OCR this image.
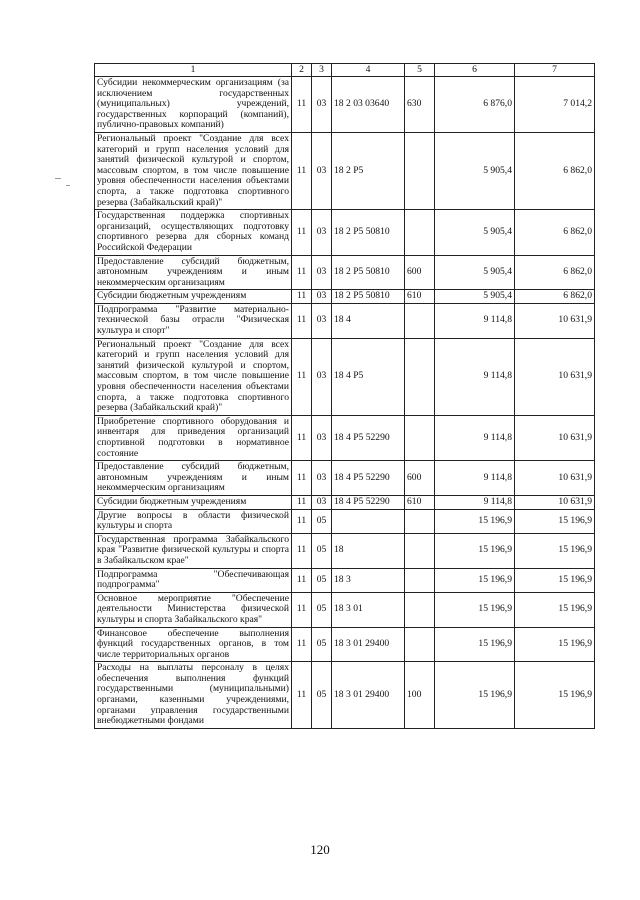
1	2	3	4	5	6	7
Субсидии некоммерческим организациям (за исключением государственных (муниципальных) учреждений, государственных корпораций (компаний), публично-правовых компаний)	11	03	18 2 03 03640	630	6 876,0	7 014,2
Региональный проект "Создание для всех категорий и групп населения условий для занятий физической культурой и спортом, массовым спортом, в том числе повышение уровня обеспеченности населения объектами спорта, а также подготовка спортивного резерва (Забайкальский край)"	11	03	18 2 P5		5 905,4	6 862,0
Государственная поддержка спортивных организаций, осуществляющих подготовку спортивного резерва для сборных команд Российской Федерации	11	03	18 2 P5 50810		5 905,4	6 862,0
Предоставление субсидий бюджетным, автономным учреждениям и иным некоммерческим организациям	11	03	18 2 P5 50810	600	5 905,4	6 862,0
Субсидии бюджетным учреждениям	11	03	18 2 P5 50810	610	5 905,4	6 862,0
Подпрограмма "Развитие материально-технической базы отрасли "Физическая культура и спорт"	11	03	18 4		9 114,8	10 631,9
Региональный проект "Создание для всех категорий и групп населения условий для занятий физической культурой и спортом, массовым спортом, в том числе повышение уровня обеспеченности населения объектами спорта, а также подготовка спортивного резерва (Забайкальский край)"	11	03	18 4 P5		9 114,8	10 631,9
Приобретение спортивного оборудования и инвентаря для приведения организаций спортивной подготовки в нормативное состояние	11	03	18 4 P5 52290		9 114,8	10 631,9
Предоставление субсидий бюджетным, автономным учреждениям и иным некоммерческим организациям	11	03	18 4 P5 52290	600	9 114,8	10 631,9
Субсидии бюджетным учреждениям	11	03	18 4 P5 52290	610	9 114,8	10 631,9
Другие вопросы в области физической культуры и спорта	11	05			15 196,9	15 196,9
Государственная программа Забайкальского края "Развитие физической культуры и спорта в Забайкальском крае"	11	05	18		15 196,9	15 196,9
Подпрограмма "Обеспечивающая подпрограмма"	11	05	18 3		15 196,9	15 196,9
Основное мероприятие "Обеспечение деятельности Министерства физической культуры и спорта Забайкальского края"	11	05	18 3 01		15 196,9	15 196,9
Финансовое обеспечение выполнения функций государственных органов, в том числе территориальных органов	11	05	18 3 01 29400		15 196,9	15 196,9
Расходы на выплаты персоналу в целях обеспечения выполнения функций государственными (муниципальными) органами, казенными учреждениями, органами управления государственными внебюджетными фондами	11	05	18 3 01 29400	100	15 196,9	15 196,9
120
